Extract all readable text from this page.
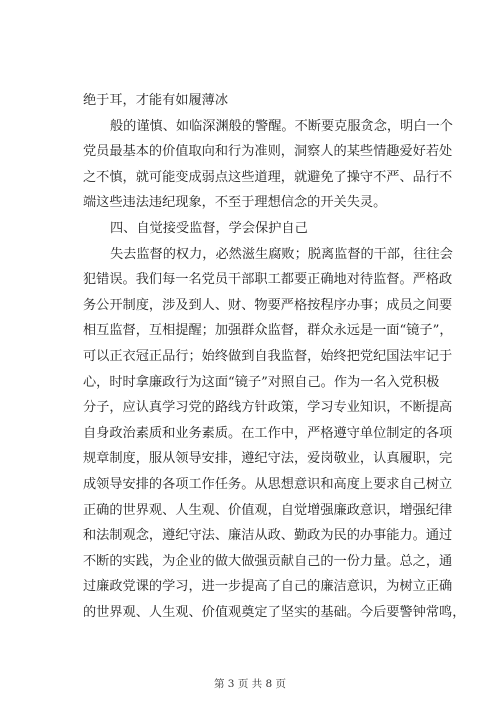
绝于耳，才能有如履薄冰
般的谨慎、如临深渊般的警醒。不断要克服贪念，明白一个
党员最基本的价值取向和行为准则，洞察人的某些情趣爱好若处
之不慎，就可能变成弱点这些道理，就避免了操守不严、品行不
端这些违法违纪现象，不至于理想信念的开关失灵。
四、自觉接受监督，学会保护自己
失去监督的权力，必然滋生腐败；脱离监督的干部，往往会
犯错误。我们每一名党员干部职工都要正确地对待监督。严格政
务公开制度，涉及到人、财、物要严格按程序办事；成员之间要
相互监督，互相提醒；加强群众监督，群众永远是一面“镜子”，
可以正衣冠正品行；始终做到自我监督，始终把党纪国法牢记于
心，时时拿廉政行为这面“镜子”对照自己。作为一名入党积极
分子，应认真学习党的路线方针政策，学习专业知识，不断提高
自身政治素质和业务素质。在工作中，严格遵守单位制定的各项
规章制度，服从领导安排，遵纪守法，爱岗敬业，认真履职，完
成领导安排的各项工作任务。从思想意识和高度上要求自己树立
正确的世界观、人生观、价值观，自觉增强廉政意识，增强纪律
和法制观念，遵纪守法、廉洁从政、勤政为民的办事能力。通过
不断的实践，为企业的做大做强贡献自己的一份力量。总之，通
过廉政党课的学习，进一步提高了自己的廉洁意识，为树立正确
的世界观、人生观、价值观奠定了坚实的基础。今后要警钟常鸣，
第 3 页 共 8 页
